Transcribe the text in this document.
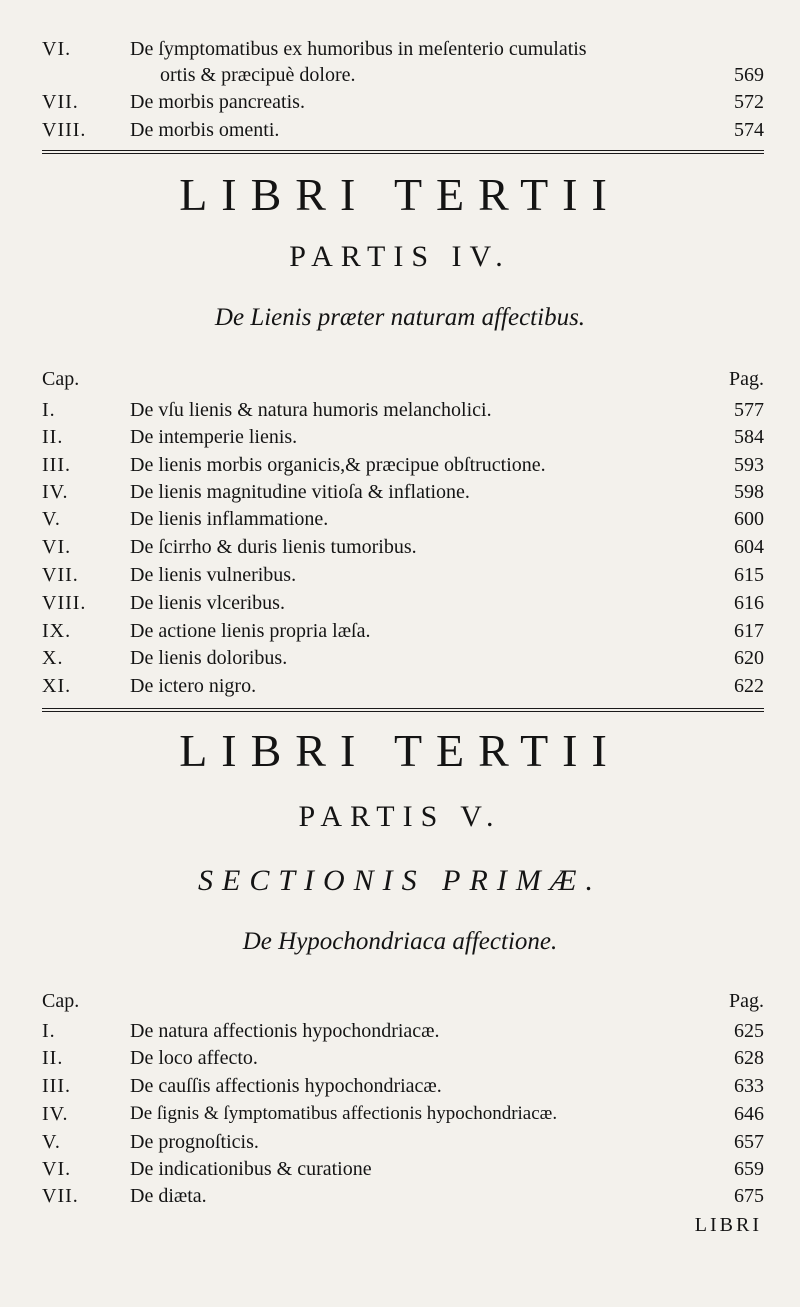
VI.	De ſymptomatibus ex humoribus in meſenterio cumulatis
ortis & præcipuè dolore.	569
VII.	De morbis pancreatis.	572
VIII. De morbis omenti.	574
LIBRI TERTII
PARTIS IV.
De Lienis præter naturam affectibus.
Cap.	Pag.
I.	De vſu lienis & natura humoris melancholici.	577
II.	De intemperie lienis.	584
III.	De lienis morbis organicis,& præcipue obſtructione.	593
IV.	De lienis magnitudine vitioſa & inflatione.	598
V.	De lienis inflammatione.	600
VI.	De ſcirrho & duris lienis tumoribus.	604
VII.	De lienis vulneribus.	615
VIII. De lienis vlceribus.	616
IX.	De actione lienis propria læſa.	617
X.	De lienis doloribus.	620
XI.	De ictero nigro.	622
LIBRI TERTII
PARTIS V.
SECTIONIS PRIMÆ.
De Hypochondriaca affectione.
Cap.	Pag.
I.	De natura affectionis hypochondriacæ.	625
II.	De loco affecto.	628
III.	De cauſſis affectionis hypochondriacæ.	633
IV.	De ſignis & ſymptomatibus affectionis hypochondriacæ.	646
V.	De prognoſticis.	657
VI.	De indicationibus & curatione	659
VII.	De diæta.	675
LIBRI
